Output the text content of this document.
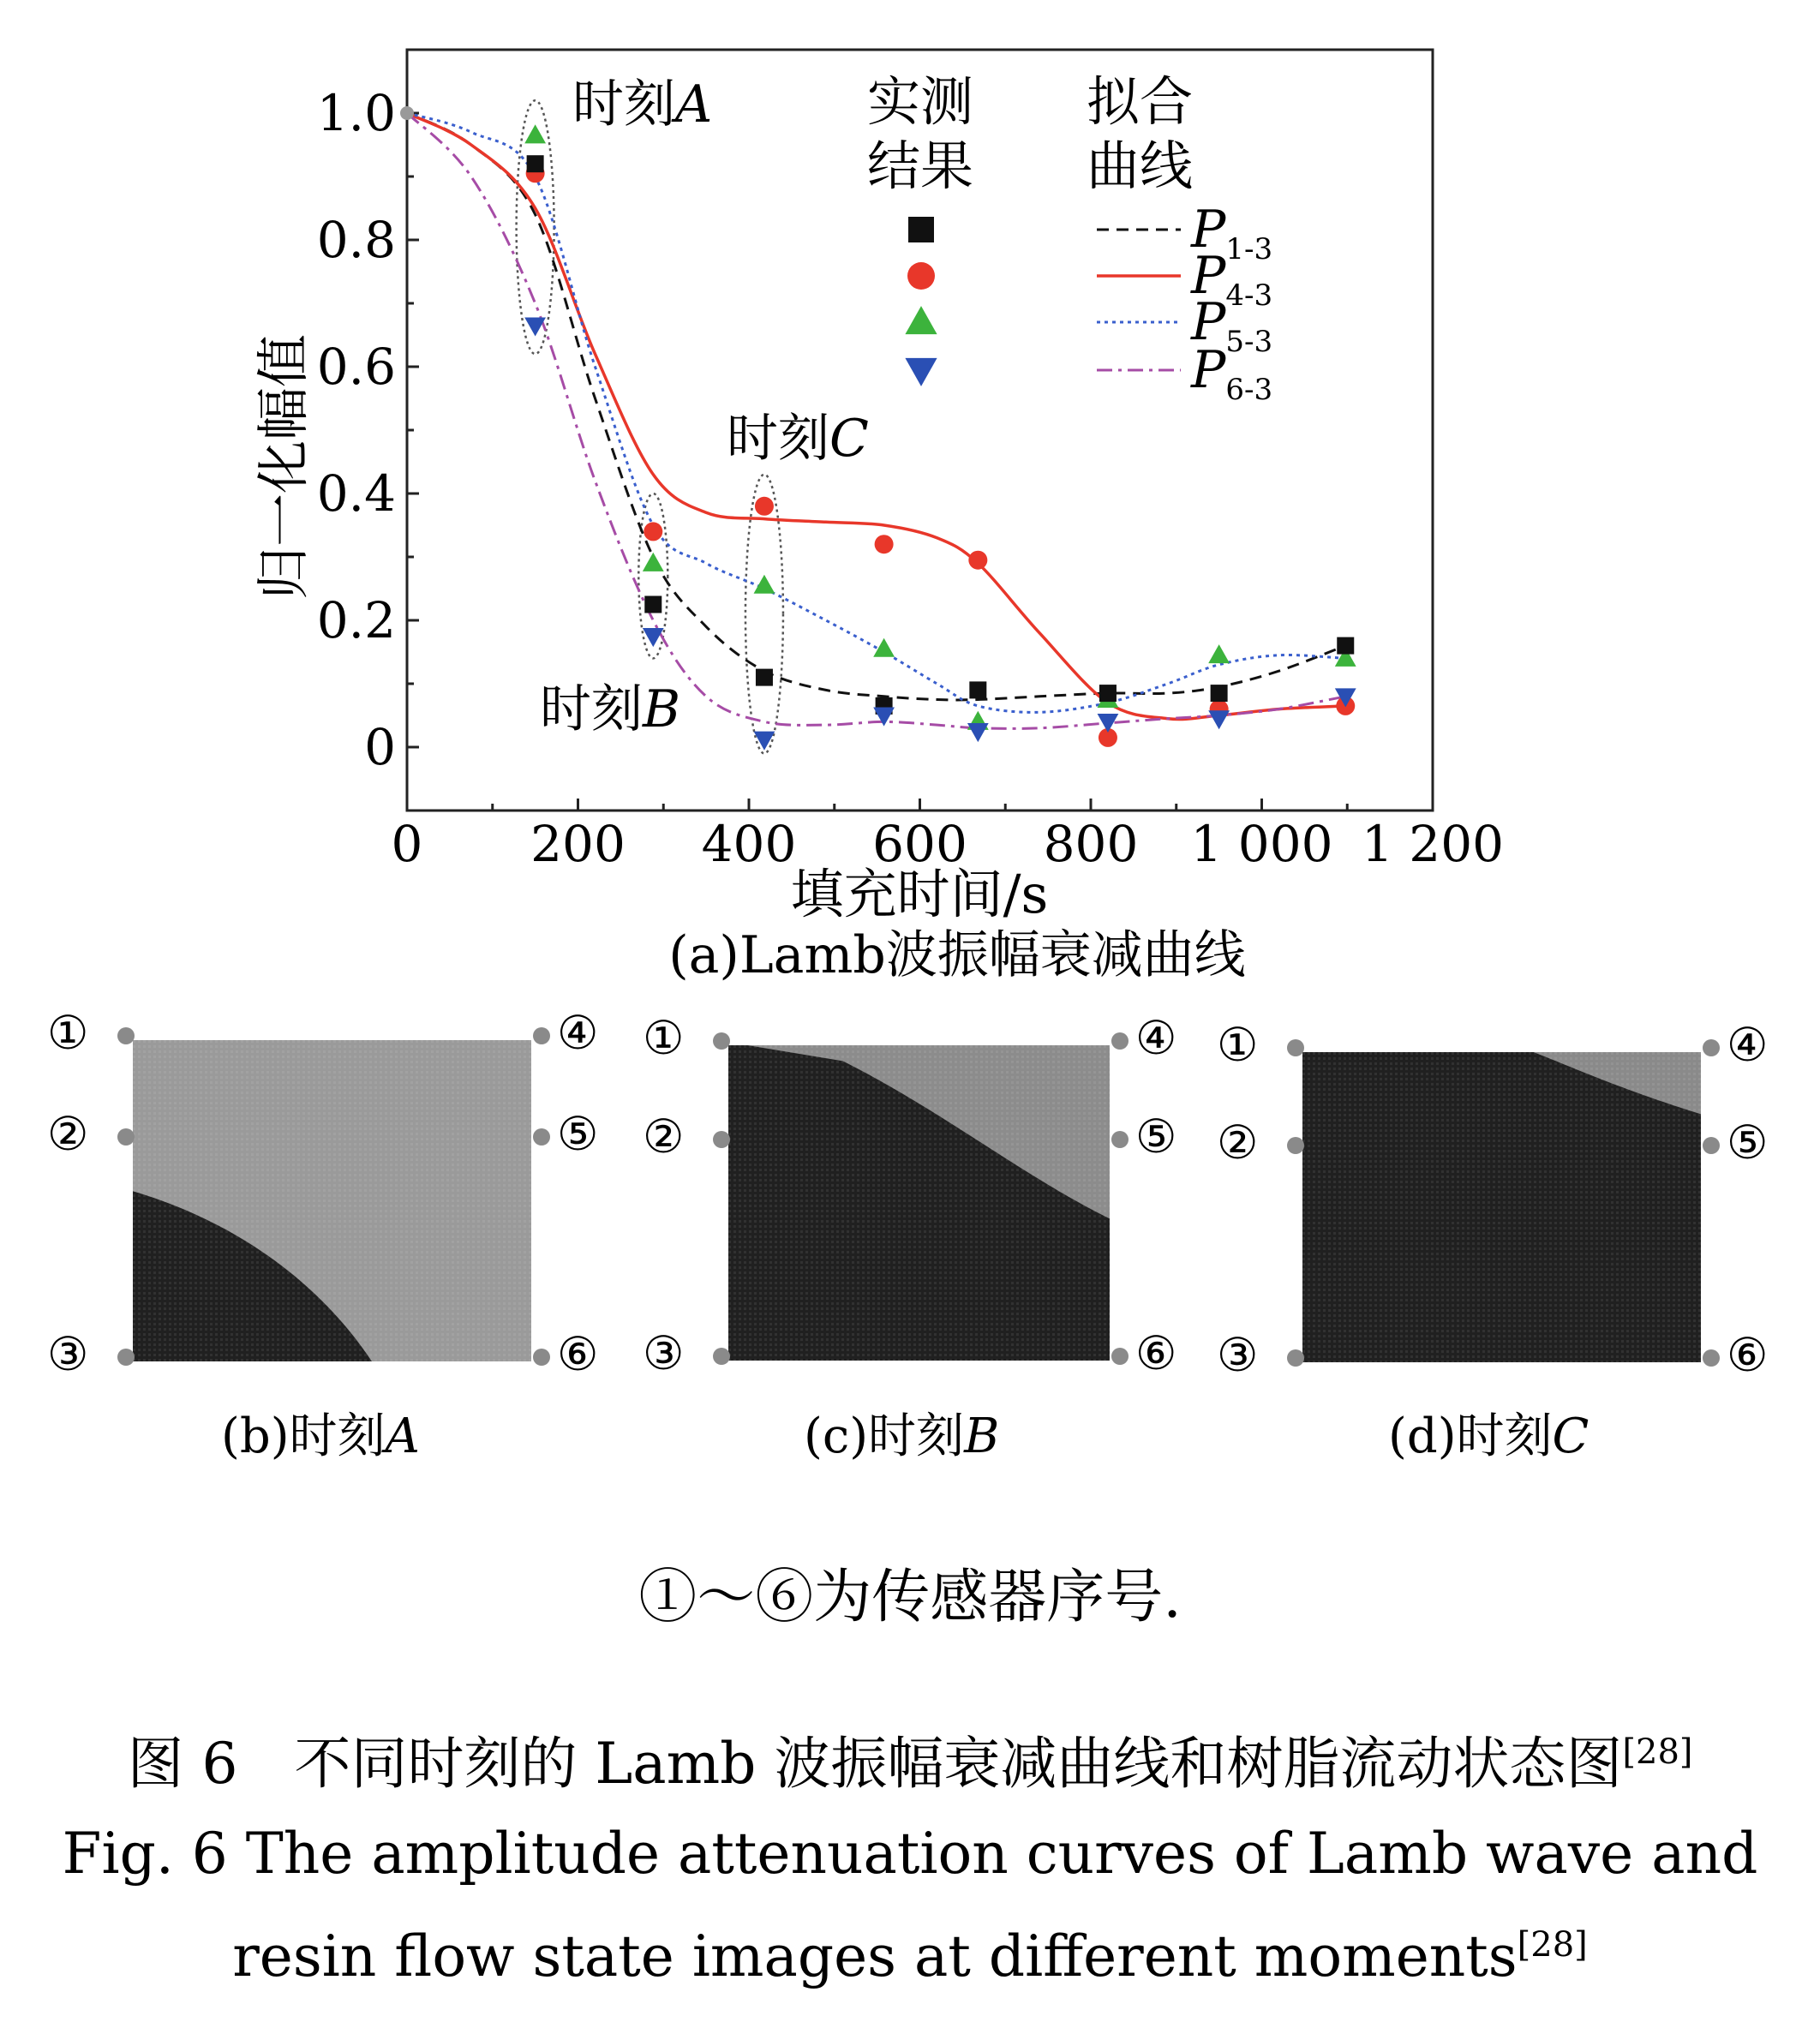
0 200 400 600 800 1 000 1 200
0
0.2
0.4
0.6
0.8
1.0	时刻A
时刻C
时刻B
实测
结果
拟合
曲线
$P_{1-3}$
$P_{4-3}$
$P_{5-3}$
$P_{6-3}$
填充时间/s
归一化幅值
(a)Lamb波振幅衰减曲线
①	④
②	⑤
③	⑥
(b)时刻A
①	④
②	⑤
③	⑥
(c)时刻B
①	④
②	⑤
③	⑥
(d)时刻C
①～⑥为传感器序号.
图 6　不同时刻的 Lamb 波振幅衰减曲线和树脂流动状态图[28]
Fig. 6 The amplitude attenuation curves of Lamb wave and
resin flow state images at different moments[28]
